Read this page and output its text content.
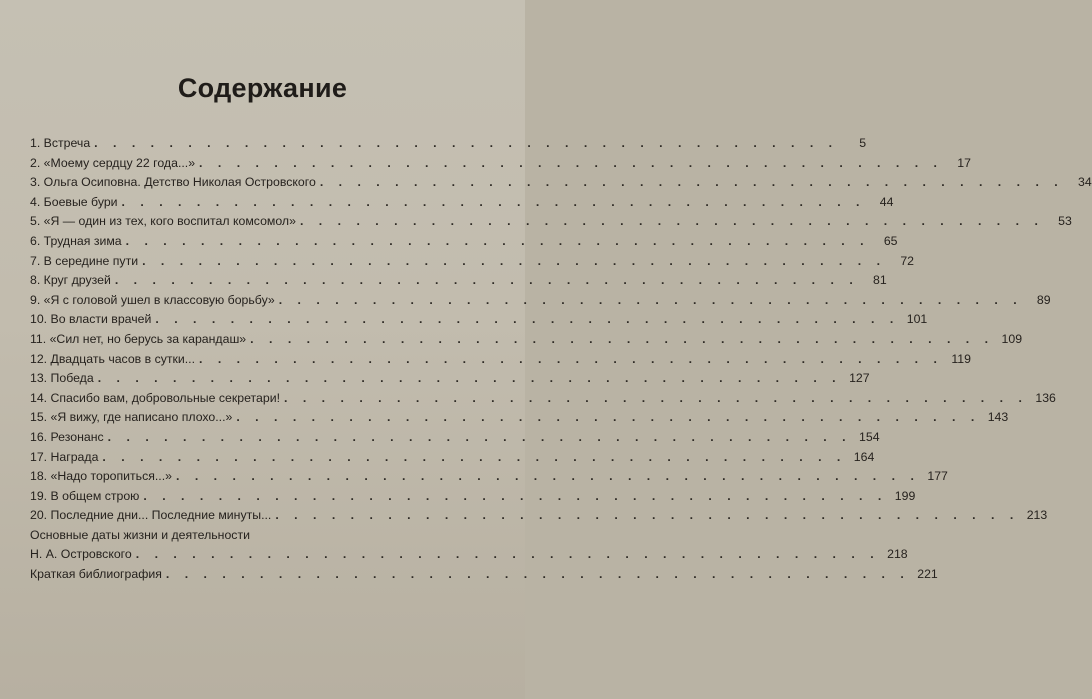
Содержание
1. Встреча . . . . . . . . . . . . . . . . . . . . . . . . . . . . . . . . . . . . . . . .	5
2. «Моему сердцу 22 года...» . . . . . . . . . . . . . . . . . . . . . . . . . . . . . . . . . . . . . . . .	17
3. Ольга Осиповна. Детство Николая Островского . . . . . . . . . . . . . . . . . . . . . . . . . . . . . . . . . . . . . . . .	34
4. Боевые бури . . . . . . . . . . . . . . . . . . . . . . . . . . . . . . . . . . . . . . . .	44
5. «Я — один из тех, кого воспитал комсомол» . . . . . . . . . . . . . . . . . . . . . . . . . . . . . . . . . . . . . . . .	53
6. Трудная зима . . . . . . . . . . . . . . . . . . . . . . . . . . . . . . . . . . . . . . . .	65
7. В середине пути . . . . . . . . . . . . . . . . . . . . . . . . . . . . . . . . . . . . . . . .	72
8. Круг друзей . . . . . . . . . . . . . . . . . . . . . . . . . . . . . . . . . . . . . . . .	81
9. «Я с головой ушел в классовую борьбу» . . . . . . . . . . . . . . . . . . . . . . . . . . . . . . . . . . . . . . . .	89
10. Во власти врачей . . . . . . . . . . . . . . . . . . . . . . . . . . . . . . . . . . . . . . . . 101
11. «Сил нет, но берусь за карандаш» . . . . . . . . . . . . . . . . . . . . . . . . . . . . . . . . . . . . . . . . 109
12. Двадцать часов в сутки... . . . . . . . . . . . . . . . . . . . . . . . . . . . . . . . . . . . . . . . . 119
13. Победа . . . . . . . . . . . . . . . . . . . . . . . . . . . . . . . . . . . . . . . . 127
14. Спасибо вам, добровольные секретари! . . . . . . . . . . . . . . . . . . . . . . . . . . . . . . . . . . . . . . . . 136
15. «Я вижу, где написано плохо...» . . . . . . . . . . . . . . . . . . . . . . . . . . . . . . . . . . . . . . . . 143
16. Резонанс . . . . . . . . . . . . . . . . . . . . . . . . . . . . . . . . . . . . . . . . 154
17. Награда . . . . . . . . . . . . . . . . . . . . . . . . . . . . . . . . . . . . . . . . 164
18. «Надо торопиться...» . . . . . . . . . . . . . . . . . . . . . . . . . . . . . . . . . . . . . . . . 177
19. В общем строю . . . . . . . . . . . . . . . . . . . . . . . . . . . . . . . . . . . . . . . . 199
20. Последние дни... Последние минуты... . . . . . . . . . . . . . . . . . . . . . . . . . . . . . . . . . . . . . . . . 213
Основные даты жизни и деятельности
Н. А. Островского . . . . . . . . . . . . . . . . . . . . . . . . . . . . . . . . . . . . . . . . 218
Краткая библиография . . . . . . . . . . . . . . . . . . . . . . . . . . . . . . . . . . . . . . . . 221
